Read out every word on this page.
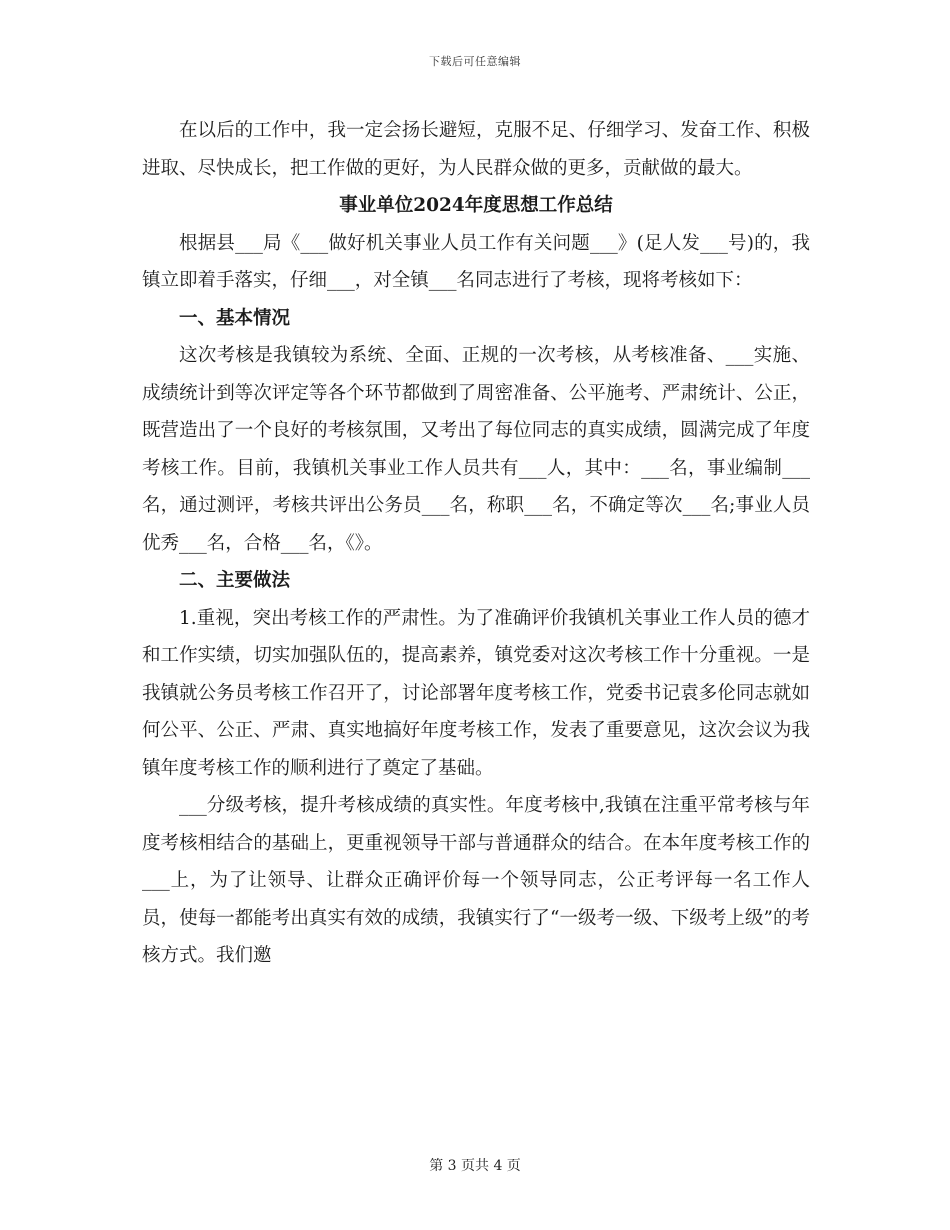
下载后可任意编辑

在以后的工作中，我一定会扬长避短，克服不足、仔细学习、发奋工作、积极进取、尽快成长，把工作做的更好，为人民群众做的更多，贡献做的最大。

事业单位2024年度思想工作总结

根据县___局《___做好机关事业人员工作有关问题___》(足人发___号)的，我镇立即着手落实，仔细___，对全镇___名同志进行了考核，现将考核如下：

一、基本情况

这次考核是我镇较为系统、全面、正规的一次考核，从考核准备、___实施、成绩统计到等次评定等各个环节都做到了周密准备、公平施考、严肃统计、公正，既营造出了一个良好的考核氛围，又考出了每位同志的真实成绩，圆满完成了年度考核工作。目前，我镇机关事业工作人员共有___人，其中：___名，事业编制___名，通过测评，考核共评出公务员___名，称职___名，不确定等次___名;事业人员优秀___名，合格___名，《》。

二、主要做法

1.重视，突出考核工作的严肃性。为了准确评价我镇机关事业工作人员的德才和工作实绩，切实加强队伍的，提高素养，镇党委对这次考核工作十分重视。一是我镇就公务员考核工作召开了，讨论部署年度考核工作，党委书记袁多伦同志就如何公平、公正、严肃、真实地搞好年度考核工作，发表了重要意见，这次会议为我镇年度考核工作的顺利进行了奠定了基础。

___分级考核，提升考核成绩的真实性。年度考核中,我镇在注重平常考核与年度考核相结合的基础上，更重视领导干部与普通群众的结合。在本年度考核工作的___上，为了让领导、让群众正确评价每一个领导同志，公正考评每一名工作人员，使每一都能考出真实有效的成绩，我镇实行了“一级考一级、下级考上级”的考核方式。我们邀

第 3 页共 4 页
